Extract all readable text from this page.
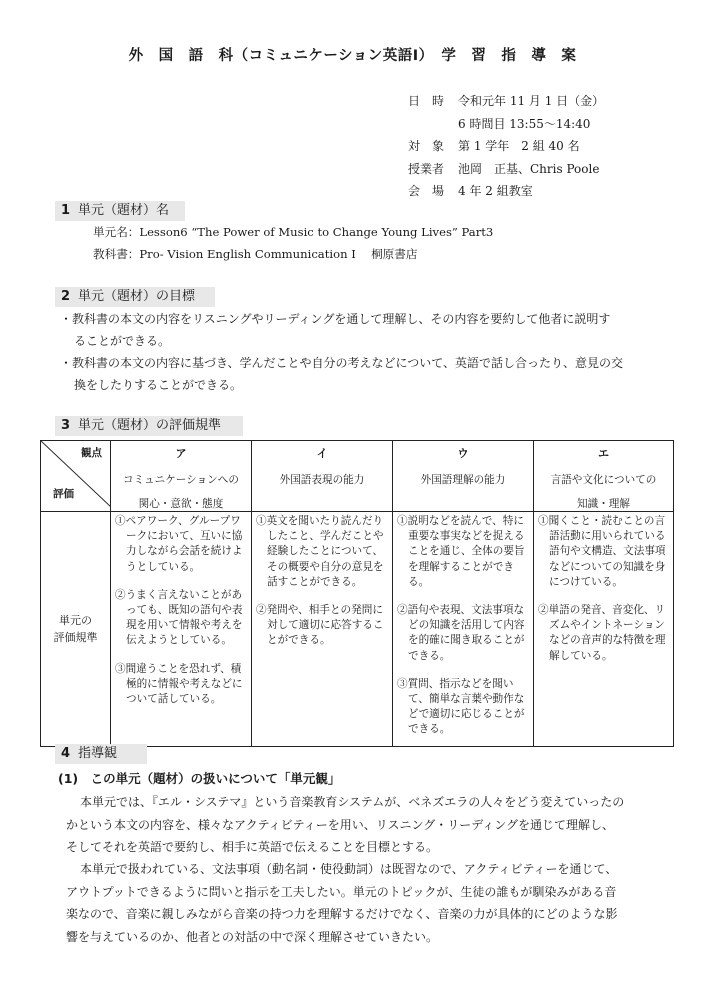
外　国　語　科（コミュニケーション英語Ⅰ）　学　習　指　導　案
日　時 令和元年 11 月 1 日（金）
6 時間目 13:55〜14:40
対　象 第 1 学年　2 組 40 名
授業者 池岡　正基、Chris Poole
会　場 4 年 2 組教室
1 単元（題材）名
単元名：Lesson6 “The Power of Music to Change Young Lives” Part3
教科書：Pro- Vision English Communication I　 桐原書店
2 単元（題材）の目標
・教科書の本文の内容をリスニングやリーディングを通して理解し、その内容を要約して他者に説明す
ることができる。
・教科書の本文の内容に基づき、学んだことや自分の考えなどについて、英語で話し合ったり、意見の交
換をしたりすることができる。
3 単元（題材）の評価規準
観点
評価	ア
コミュニケーションへの
関心・意欲・態度	イ
外国語表現の能力	ウ
外国語理解の能力	エ
言語や文化についての
知識・理解

単元の
評価規準	①ペアワーク、グループワークにおいて、互いに協力しながら会話を続けようとしている。
②うまく言えないことがあっても、既知の語句や表現を用いて情報や考えを伝えようとしている。
③間違うことを恐れず、積極的に情報や考えなどについて話している。	①英文を聞いたり読んだりしたこと、学んだことや経験したことについて、その概要や自分の意見を話すことができる。
②発問や、相手との発問に対して適切に応答することができる。	①説明などを読んで、特に重要な事実などを捉えることを通じ、全体の要旨を理解することができる。
②語句や表現、文法事項などの知識を活用して内容を的確に聞き取ることができる。
③質問、指示などを聞いて、簡単な言葉や動作などで適切に応じることができる。	①聞くこと・読むことの言語活動に用いられている語句や文構造、文法事項などについての知識を身につけている。
②単語の発音、音変化、リズムやイントネーションなどの音声的な特徴を理解している。
4 指導観
(1)　この単元（題材）の扱いについて「単元観」
本単元では、『エル・システマ』という音楽教育システムが、ベネズエラの人々をどう変えていったの
かという本文の内容を、様々なアクティビティーを用い、リスニング・リーディングを通じて理解し、
そしてそれを英語で要約し、相手に英語で伝えることを目標とする。
本単元で扱われている、文法事項（動名詞・使役動詞）は既習なので、アクティビティーを通じて、
アウトプットできるように問いと指示を工夫したい。単元のトピックが、生徒の誰もが馴染みがある音
楽なので、音楽に親しみながら音楽の持つ力を理解するだけでなく、音楽の力が具体的にどのような影
響を与えているのか、他者との対話の中で深く理解させていきたい。
